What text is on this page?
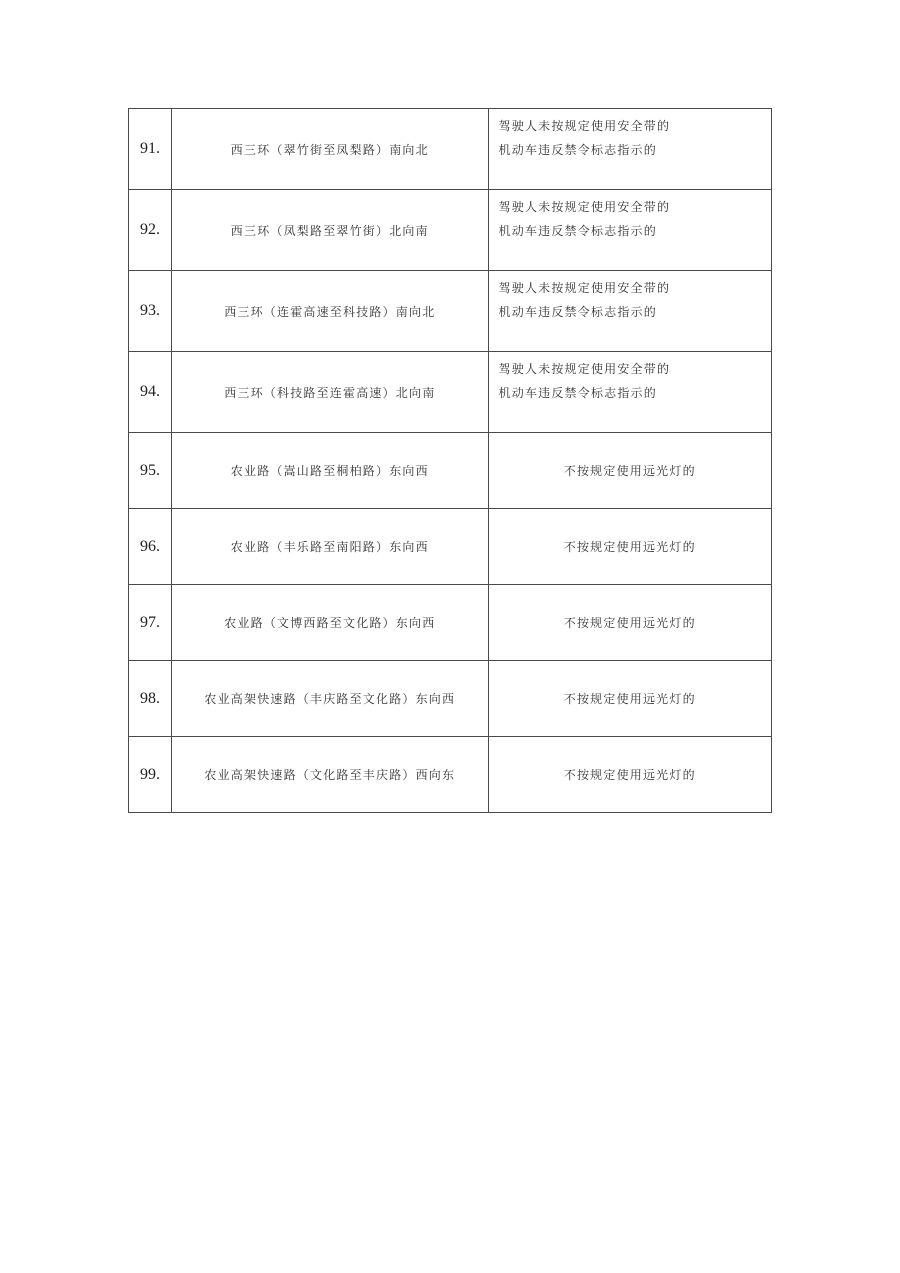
91.	西三环（翠竹街至凤梨路）南向北	驾驶人未按规定使用安全带的
机动车违反禁令标志指示的

92.	西三环（凤梨路至翠竹街）北向南	驾驶人未按规定使用安全带的
机动车违反禁令标志指示的

93.	西三环（连霍高速至科技路）南向北	驾驶人未按规定使用安全带的
机动车违反禁令标志指示的

94.	西三环（科技路至连霍高速）北向南	驾驶人未按规定使用安全带的
机动车违反禁令标志指示的

95.	农业路（嵩山路至桐柏路）东向西	不按规定使用远光灯的

96.	农业路（丰乐路至南阳路）东向西	不按规定使用远光灯的

97.	农业路（文博西路至文化路）东向西	不按规定使用远光灯的

98.	农业高架快速路（丰庆路至文化路）东向西	不按规定使用远光灯的

99.	农业高架快速路（文化路至丰庆路）西向东	不按规定使用远光灯的
